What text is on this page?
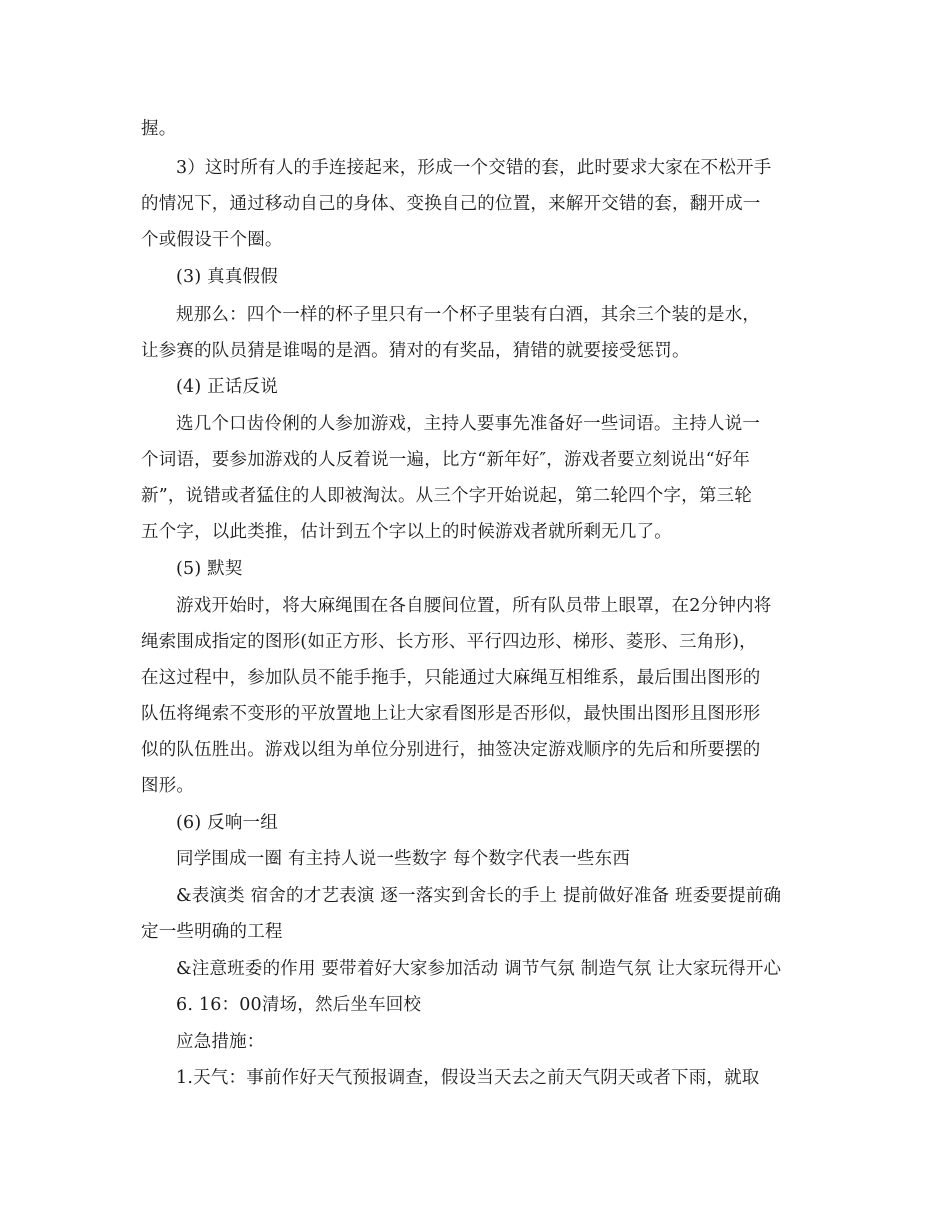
握。
3）这时所有人的手连接起来，形成一个交错的套，此时要求大家在不松开手
的情况下，通过移动自己的身体、变换自己的位置，来解开交错的套，翻开成一
个或假设干个圈。
(3) 真真假假
规那么：四个一样的杯子里只有一个杯子里装有白酒，其余三个装的是水，
让参赛的队员猜是谁喝的是酒。猜对的有奖品，猜错的就要接受惩罚。
(4) 正话反说
选几个口齿伶俐的人参加游戏，主持人要事先准备好一些词语。主持人说一
个词语，要参加游戏的人反着说一遍，比方“新年好″，游戏者要立刻说出“好年
新”，说错或者猛住的人即被淘汰。从三个字开始说起，第二轮四个字，第三轮
五个字，以此类推，估计到五个字以上的时候游戏者就所剩无几了。
(5) 默契
游戏开始时，将大麻绳围在各自腰间位置，所有队员带上眼罩，在2分钟内将
绳索围成指定的图形(如正方形、长方形、平行四边形、梯形、菱形、三角形)，
在这过程中，参加队员不能手拖手，只能通过大麻绳互相维系，最后围出图形的
队伍将绳索不变形的平放置地上让大家看图形是否形似，最快围出图形且图形形
似的队伍胜出。游戏以组为单位分别进行，抽签决定游戏顺序的先后和所要摆的
图形。
(6) 反响一组
同学围成一圈 有主持人说一些数字 每个数字代表一些东西
&表演类 宿舍的才艺表演 逐一落实到舍长的手上 提前做好准备 班委要提前确
定一些明确的工程
&注意班委的作用 要带着好大家参加活动 调节气氛 制造气氛 让大家玩得开心
6. 16：00清场，然后坐车回校
应急措施：
1.天气：事前作好天气预报调查，假设当天去之前天气阴天或者下雨，就取
